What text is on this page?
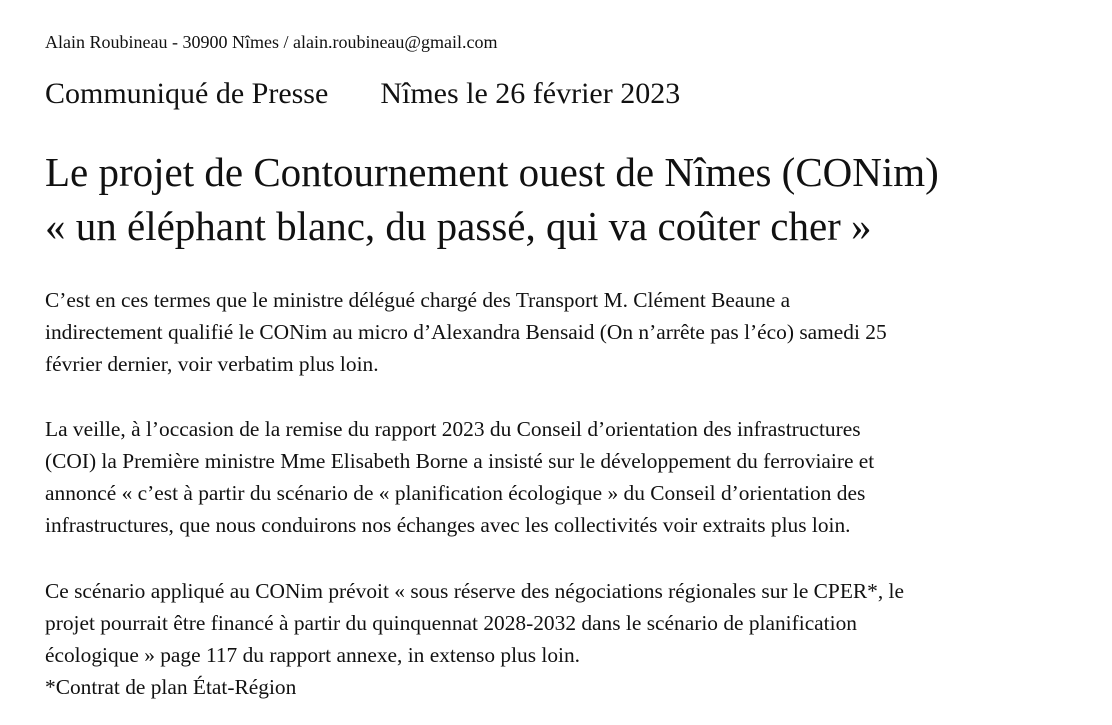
Alain Roubineau - 30900 Nîmes / alain.roubineau@gmail.com
Communiqué de Presse Nîmes le 26 février 2023
Le projet de Contournement ouest de Nîmes (CONim)
« un éléphant blanc, du passé, qui va coûter cher »
C’est en ces termes que le ministre délégué chargé des Transport M. Clément Beaune a
indirectement qualifié le CONim au micro d’Alexandra Bensaid (On n’arrête pas l’éco) samedi 25
février dernier, voir verbatim plus loin.
La veille, à l’occasion de la remise du rapport 2023 du Conseil d’orientation des infrastructures
(COI) la Première ministre Mme Elisabeth Borne a insisté sur le développement du ferroviaire et
annoncé « c’est à partir du scénario de « planification écologique » du Conseil d’orientation des
infrastructures, que nous conduirons nos échanges avec les collectivités voir extraits plus loin.
Ce scénario appliqué au CONim prévoit « sous réserve des négociations régionales sur le CPER*, le
projet pourrait être financé à partir du quinquennat 2028-2032 dans le scénario de planification
écologique » page 117 du rapport annexe, in extenso plus loin.
*Contrat de plan État-Région
